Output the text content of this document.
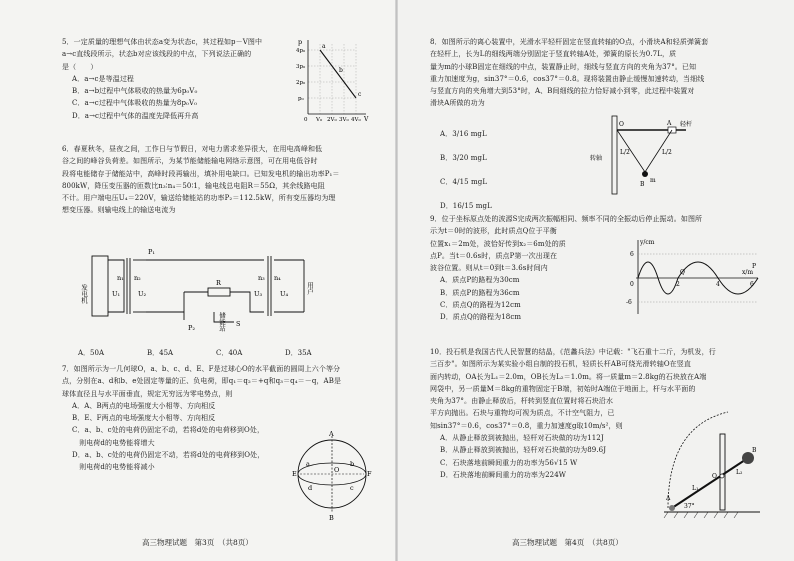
5．一定质量的理想气体由状态a变为状态c，其过程如p－V图中
a→c直线段所示，状态b对应该线段的中点，下列说法正确的
是（　　）
A．a→c是等温过程
B．a→b过程中气体吸收的热量为6p₀V₀
C．a→c过程中气体吸收的热量为8p₀V₀
D．a→c过程中气体的温度先降低再升高
p
4p₀
3p₀
2p₀
p₀
0 V₀ 2V₀ 3V₀ 4V₀ V
a
b
c
6．春夏秋冬，昼夜之间，工作日与节假日，对电力需求差异很大，在用电高峰和低
谷之间的峰谷负荷差。如图所示，为某节能储能输电网络示意图，可在用电低谷时
段将电能储存于储能站中，高峰时段再输出，填补用电缺口。已知发电机的输出功率P₁＝
800kW，降压变压器的匝数比n₃∶n₄＝50∶1，输电线总电阻R＝55Ω，其余线路电阻
不计。用户端电压U₄＝220V，输送给储能站的功率P₂＝112.5kW，所有变压器均为理
想变压器。则输电线上的输送电流为
发电机
储能站
用户
n₁ n₂
U₁	U₂
R
n₃ n₄
U₃	U₄
P₁
P₂	S
A．50A	B．45A	C．40A	D．35A
7．如图所示为一几何球O，a、b、c、d、E、F是过球心O的水平截面的圆周上六个等分
点，分别在a、d和b、e处固定等量的正、负电荷，即q₁＝q₂＝+q和q₃＝q₄＝－q，AB是
球体直径且与水平面垂直，规定无穷远为零电势点，则
A．A、B两点的电场强度大小相等、方向相反
B．E、F两点的电场强度大小相等、方向相反
C．a、b、c处的电荷仍固定不动，若将d处的电荷移到O处，
　则电荷d的电势能将增大
D．a、b、c处的电荷仍固定不动，若将d处的电荷移到O处，
　则电荷d的电势能将减小
A
B
O
E	F
a	b
c
d
高三物理试题　第3页　（共8页）
8．如图所示的离心装置中，光滑水平轻杆固定在竖直转轴的O点，小滑块A和轻质弹簧套
在轻杆上，长为L的细线两端分别固定于竖直转轴A处，弹簧的原长为0.7L，质
量为m的小球B固定在细线的中点，装置静止时，细线与竖直方向的夹角为37°。已知
重力加速度为g，sin37°＝0.6，cos37°＝0.8。现将装置由静止缓慢加速转动，当细线
与竖直方向的夹角增大到53°时，A、B间细线的拉力恰好减小到零，此过程中装置对
滑块A所做的功为
A．3/16 mgL
B．3/20 mgL
C．4/15 mgL
D．16/15 mgL
转轴
轻杆
O	A
L/2	L/2
m
B
9．位于坐标原点处的波源S完成两次振幅相同、频率不同的全振动后停止振动。如图所
示为t＝0时的波形，此时质点Q位于平衡
位置x₁＝2m处，波恰好传到x₂＝6m处的质
点P。当t＝0.6s时，质点P第一次出现在
波谷位置。则从t＝0到t＝3.6s时间内
A．质点P的路程为30cm
B．质点P的路程为36cm
C．质点Q的路程为12cm
D．质点Q的路程为18cm
y/cm
x/m
6
0
-6
2	4	6
Q
P
10．投石机是我国古代人民智慧的结晶，《范蠡兵法》中记载："飞石重十二斤，为机发，行
三百步"。如图所示为某实验小组自制的投石机，轻质长杆AB可绕光滑转轴O在竖直
面内转动，OA长为L₁＝2.0m，OB长为L₂＝1.0m。将一质量m＝2.8kg的石块放在A端
网袋中，另一质量M＝8kg的重物固定于B端，初始时A端位于地面上，杆与水平面的
夹角为37°。由静止释放后，杆转到竖直位置时将石块沿水
平方向抛出。石块与重物均可视为质点，不计空气阻力，已
知sin37°＝0.6，cos37°＝0.8，重力加速度g取10m/s²，则
A．从静止释放到被抛出，轻杆对石块做的功为112J
B．从静止释放到被抛出，轻杆对石块做的功为89.6J
C．石块落地前瞬间重力的功率为56√15 W
D．石块落地前瞬间重力的功率为224W
A
O
B
L₁
L₂
37°
高三物理试题　第4页　（共8页）
